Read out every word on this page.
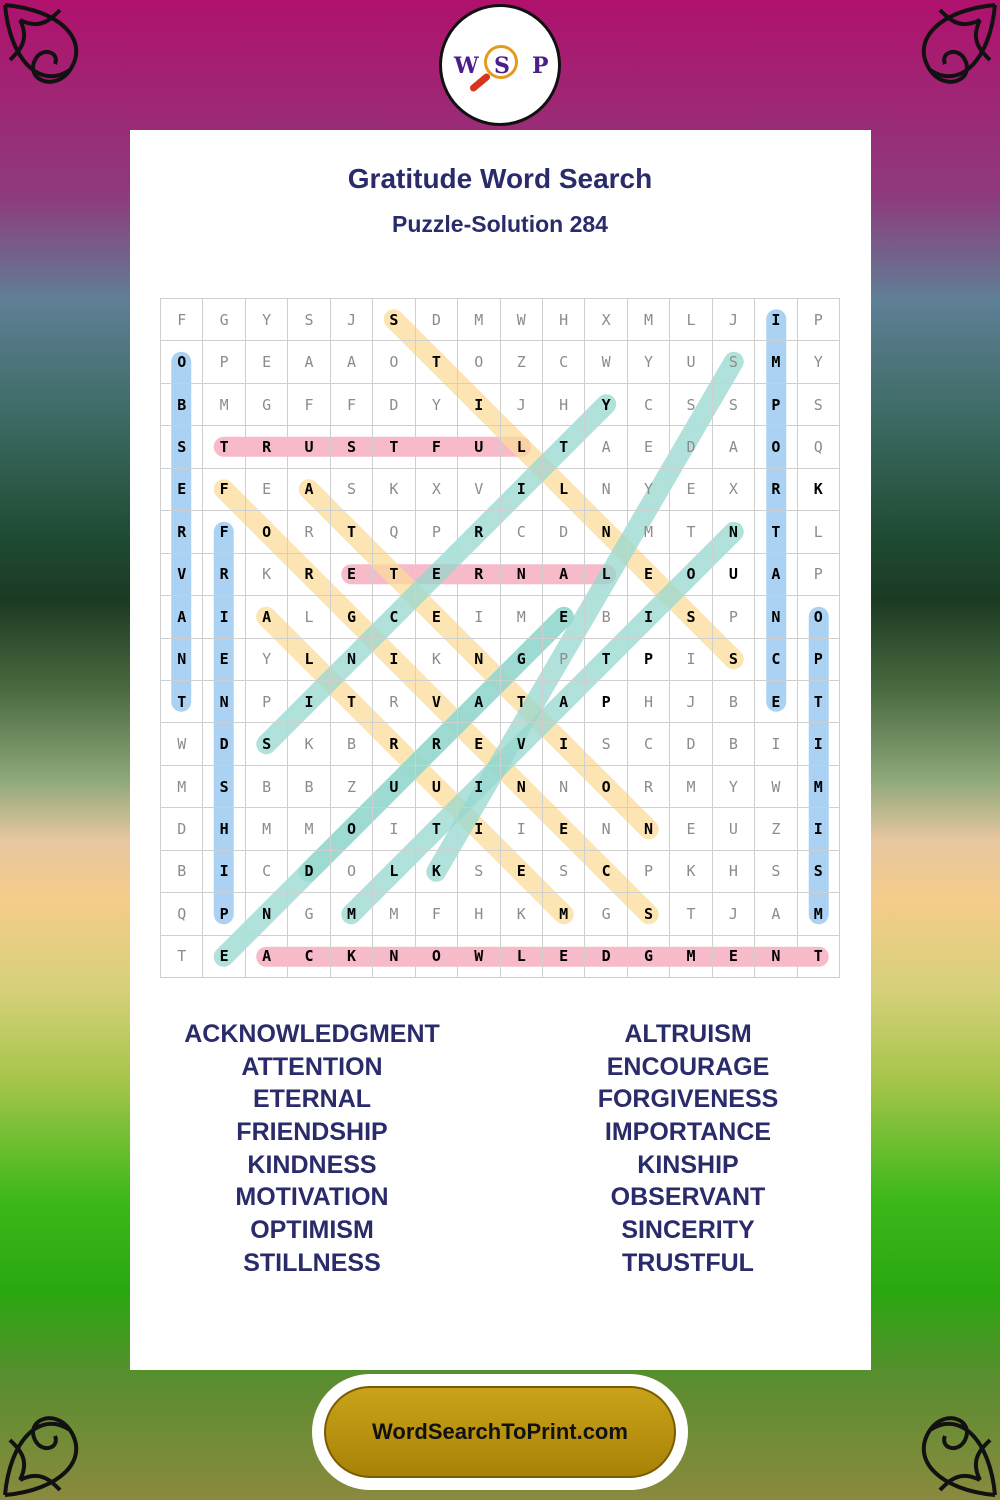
W S P
Gratitude Word Search
Puzzle-Solution 284
F	G	Y	S	J	S	D	M	W	H	X	M	L	J	I	P
O	P	E	A	A	O	T	O	Z	C	W	Y	U	S	M	Y
B	M	G	F	F	D	Y	I	J	H	Y	C	S	S	P	S
S	T	R	U	S	T	F	U	L	T	A	E	D	A	O	Q
E	F	E	A	S	K	X	V	I	L	N	Y	E	X	R	K
R	F	O	R	T	Q	P	R	C	D	N	M	T	N	T	L
V	R	K	R	E	T	E	R	N	A	L	E	O	U	A	P
A	I	A	L	G	C	E	I	M	E	B	I	S	P	N	O
N	E	Y	L	N	I	K	N	G	P	T	P	I	S	C	P
T	N	P	I	T	R	V	A	T	A	P	H	J	B	E	T
W	D	S	K	B	R	R	E	V	I	S	C	D	B	I	I
M	S	B	B	Z	U	U	I	N	N	O	R	M	Y	W	M
D	H	M	M	O	I	T	I	I	E	N	N	E	U	Z	I
B	I	C	D	O	L	K	S	E	S	C	P	K	H	S	S
Q	P	N	G	M	M	F	H	K	M	G	S	T	J	A	M
T	E	A	C	K	N	O	W	L	E	D	G	M	E	N	T
ACKNOWLEDGMENT
ATTENTION
ETERNAL
FRIENDSHIP
KINDNESS
MOTIVATION
OPTIMISM
STILLNESS
ALTRUISM
ENCOURAGE
FORGIVENESS
IMPORTANCE
KINSHIP
OBSERVANT
SINCERITY
TRUSTFUL
WordSearchToPrint.com
